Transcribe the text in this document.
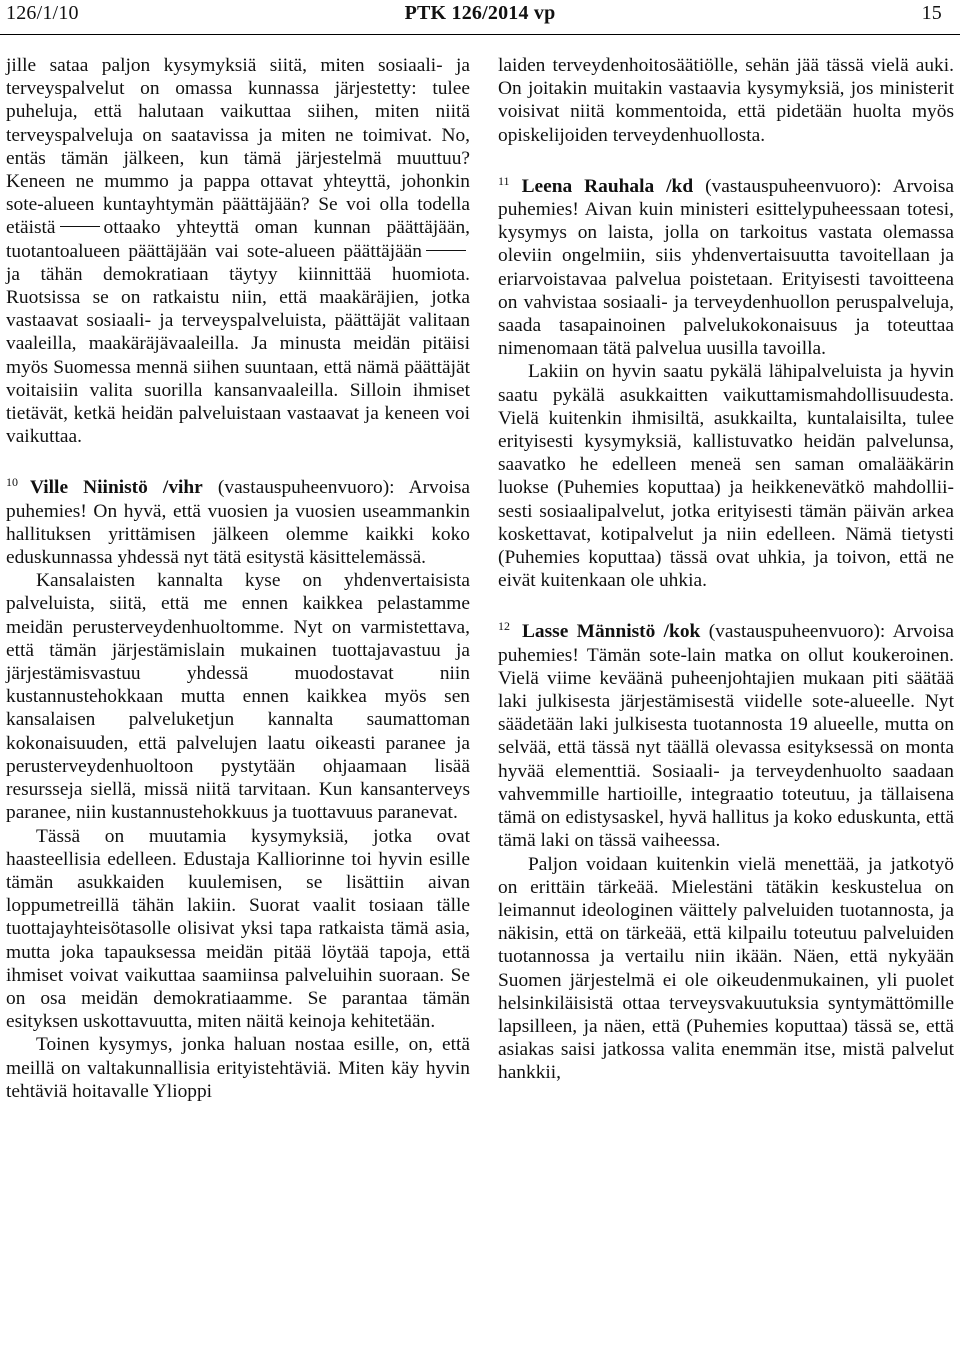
126/1/10	PTK 126/2014 vp	15

jille sataa paljon kysymyksiä siitä, miten sosiaali- ja terveyspalvelut on omassa kunnassa järjestetty: tulee puheluja, että halutaan vaikuttaa siihen, miten niitä terveyspalveluja on saatavissa ja miten ne toimivat. No, entäs tämän jälkeen, kun tämä järjestelmä muuttuu? Keneen ne mummo ja pappa ottavat yhteyttä, johonkin sote-alueen kuntayhtymän päättäjään? Se voi olla todella etäistä ottaako yhteyttä oman kunnan päättäjään, tuotantoalueen päättäjään vai sote-alueen päättäjäänja tähän demokratiaan täytyy kiinnittää huomiota. Ruotsissa se on ratkaistu niin, että maakäräjien, jotka vastaavat sosiaali- ja terveyspalveluista, päättäjät valitaan vaaleilla, maakäräjävaaleilla. Ja minusta meidän pitäisi myös Suomessa mennä siihen suuntaan, että nämä päättäjät voitaisiin valita suorilla kansanvaaleilla. Silloin ihmiset tietävät, ketkä heidän palveluistaan vastaavat ja keneen voi vaikuttaa.

$^{10}$ Ville Niinistö /vihr (vastauspuheenvuoro): Arvoisa puhemies! On hyvä, että vuosien ja vuosien useammankin hallituksen yrittämisen jälkeen olemme kaikki koko eduskunnassa yhdessä nyt tätä esitystä käsittelemässä.

Kansalaisten kannalta kyse on yhdenvertaisista palveluista, siitä, että me ennen kaikkea pelastamme meidän perusterveydenhuoltomme. Nyt on varmistettava, että tämän järjestämislain mukainen tuottajavastuu ja järjestämisvastuu yhdessä muodostavat niin kustannustehokkaan mutta ennen kaikkea myös sen kansalaisen palveluketjun kannalta saumattoman kokonaisuuden, että palvelujen laatu oikeasti paranee ja perusterveydenhuoltoon pystytään ohjaamaan lisää resursseja siellä, missä niitä tarvitaan. Kun kansanterveys paranee, niin kustannustehokkuus ja tuottavuus paranevat.

Tässä on muutamia kysymyksiä, jotka ovat haasteellisia edelleen. Edustaja Kalliorinne toi hyvin esille tämän asukkaiden kuulemisen, se lisättiin aivan loppumetreillä tähän lakiin. Suorat vaalit tosiaan tälle tuottajayhteisötasolle olisivat yksi tapa ratkaista tämä asia, mutta joka tapauksessa meidän pitää löytää tapoja, että ihmiset voivat vaikuttaa saamiinsa palveluihin suoraan. Se on osa meidän demokratiaamme. Se parantaa tämän esityksen uskottavuutta, miten näitä keinoja kehitetään.

Toinen kysymys, jonka haluan nostaa esille, on, että meillä on valtakunnallisia erityistehtäviä. Miten käy hyvin tehtäviä hoitavalle Ylioppi

laiden terveydenhoitosäätiölle, sehän jää tässä vielä auki. On joitakin muitakin vastaavia kysymyksiä, jos ministerit voisivat niitä kommentoida, että pidetään huolta myös opiskelijoiden terveydenhuollosta.

$^{11}$ Leena Rauhala /kd (vastauspuheenvuoro): Arvoisa puhemies! Aivan kuin ministeri esittelypuheessaan totesi, kysymys on laista, jolla on tarkoitus vastata olemassa oleviin ongelmiin, siis yhdenvertaisuutta tavoitellaan ja eriarvoistavaa palvelua poistetaan. Erityisesti tavoitteena on vahvistaa sosiaali- ja terveydenhuollon peruspalveluja, saada tasapainoinen palvelukokonaisuus ja toteuttaa nimenomaan tätä palvelua uusilla tavoilla.

Lakiin on hyvin saatu pykälä lähipalveluista ja hyvin saatu pykälä asukkaitten vaikuttamismahdollisuudesta. Vielä kuitenkin ihmisiltä, asukkailta, kuntalaisilta, tulee erityisesti kysymyksiä, kallistuvatko heidän palvelunsa, saavatko he edelleen meneä sen saman omalääkärin luokse (Puhemies koputtaa) ja heikkenevätkö mahdolliisesti sosiaalipalvelut, jotka erityisesti tämän päivän arkea koskettavat, kotipalvelut ja niin edelleen. Nämä tietysti (Puhemies koputtaa) tässä ovat uhkia, ja toivon, että ne eivät kuitenkaan ole uhkia.

$^{12}$ Lasse Männistö /kok (vastauspuheenvuoro): Arvoisa puhemies! Tämän sote-lain matka on ollut koukeroinen. Vielä viime keväänä puheenjohtajien mukaan piti säätää laki julkisesta järjestämisestä viidelle sote-alueelle. Nyt säädetään laki julkisesta tuotannosta 19 alueelle, mutta on selvää, että tässä nyt täällä olevassa esityksessä on monta hyvää elementtiä. Sosiaali- ja terveydenhuolto saadaan vahvemmille hartioille, integraatio toteutuu, ja tällaisena tämä on edistysaskel, hyvä hallitus ja koko eduskunta, että tämä laki on tässä vaiheessa.

Paljon voidaan kuitenkin vielä menettää, ja jatkotyö on erittäin tärkeää. Mielestäni tätäkin keskustelua on leimannut ideologinen väittely palveluiden tuotannosta, ja näkisin, että on tärkeää, että kilpailu toteutuu palveluiden tuotannossa ja vertailu niin ikään. Näen, että nykyään Suomen järjestelmä ei ole oikeudenmukainen, yli puolet helsinkiläisistä ottaa terveysvakuutuksia syntymättömille lapsilleen, ja näen, että (Puhemies koputtaa) tässä se, että asiakas saisi jatkossa valita enemmän itse, mistä palvelut hankkii,
